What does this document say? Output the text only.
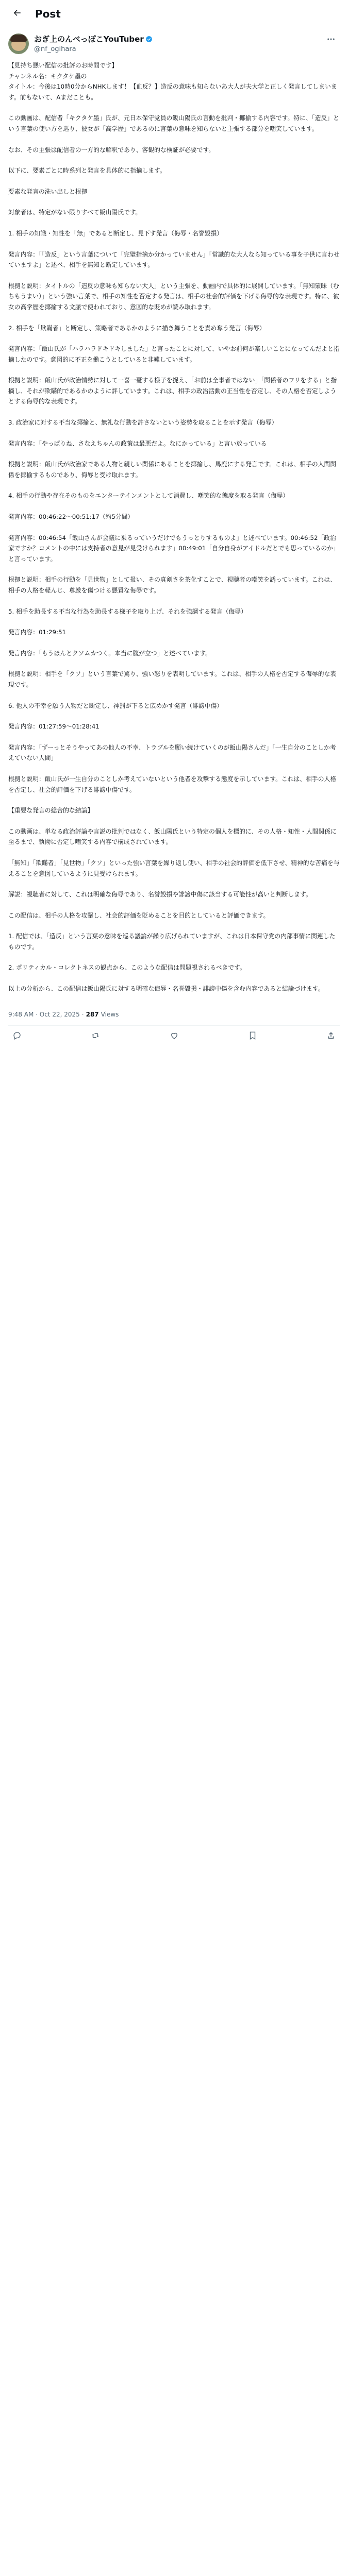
Post
おぎ上のんべっぽこYouTuber
@nf_ogihara
【見持ち悪い配信の批評のお時間です】
チャンネル名：キクタケ墨の
タイトル：今後は10時0分からNHKします！【血反？】造反の意味も知らないあ大人が夫大学と正しく発言してしまいます。前もないて、Aまだことも。
この動画は、配信者「キクタケ墨」氏が、元日本保守党員の飯山陽氏の言動を批判・揶揄する内容です。特に、「造反」という言葉の使い方を巡り、彼女が「高学歴」であるのに言葉の意味を知らないと主張する部分を嘲笑しています。
なお、その主張は配信者の一方的な解釈であり、客観的な検証が必要です。
以下に、要素ごとに時系列と発言を具体的に指摘します。
要素な発言の洗い出しと根拠
対象者は、特定がない限りすべて飯山陽氏です。
1. 相手の知識・知性を「無」であると断定し、見下す発言（侮辱・名誉毀損）
発言内容：「「造反」という言葉について「完璧指摘か分かっていません」「常識的な大人なら知っている事を子供に言わせていますよ」と述べ、相手を無知と断定しています。
根拠と説明：タイトルの「造反の意味も知らない大人」という主張を、動画内で具体的に展開しています。「無知蒙昧（むちもうまい）」という強い言葉で、相手の知性を否定する発言は、相手の社会的評価を下げる侮辱的な表現です。特に、彼女の高学歴を揶揄する文脈で使われており、意図的な貶めが読み取れます。
2. 相手を「欺瞞者」と断定し、策略者であるかのように描き舞うことを責め奪う発言（侮辱）
発言内容：「飯山氏が「ハラハラドキドキしました」と言ったことに対して、いやお前何が楽しいことになってんだよと指摘したのです。意図的に不正を働こうとしていると非難しています。
根拠と説明：飯山氏が政治情勢に対して一喜一憂する様子を捉え、「お前は全事者ではない」「関係者のフリをする」と指摘し、それが欺瞞的であるかのように評しています。これは、相手の政治活動の正当性を否定し、その人格を否定しようとする侮辱的な表現です。
3. 政治家に対する不当な揶揄と、無礼な行動を許さないという姿勢を取ることを示す発言（侮辱）
発言内容：「やっぱりね、さなえちゃんの政策は最悪だよ。なにかっている」と言い放っている
根拠と説明：飯山氏が政治家である人物と親しい関係にあることを揶揄し、馬鹿にする発言です。これは、相手の人間関係を揶揄するものであり、侮辱と受け取れます。
4. 相手の行動や存在そのものをエンターテインメントとして消費し、嘲笑的な態度を取る発言（侮辱）
発言内容：00:46:22〜00:51:17（約5分間）
発言内容：00:46:54「飯山さんが会議に乗るっていうだけでもうっとりするものよ」と述べています。00:46:52「政治家ですか？コメントの中には支持者の意見が見受けられます」00:49:01「自分自身がアイドルだとでも思っているのか」と言っています。
根拠と説明：相手の行動を「見世物」として扱い、その真剣さを茶化すことで、視聴者の嘲笑を誘っています。これは、相手の人格を軽んじ、尊厳を傷つける悪質な侮辱です。
5. 相手を助長する不当な行為を助長する様子を取り上げ、それを強調する発言（侮辱）
発言内容：01:29:51
発言内容：「もうほんとクソムカつく。本当に腹が立つ」と述べています。
根拠と説明：相手を「クソ」という言葉で罵り、強い怒りを表明しています。これは、相手の人格を否定する侮辱的な表現です。
6. 他人の不幸を願う人物だと断定し、神罰が下ると広めかす発言（誹謗中傷）
発言内容：01:27:59〜01:28:41
発言内容：「ずーっとそうやってあの他人の不幸、トラブルを願い続けていくのが飯山陽さんだ」「一生自分のことしか考えていない人間」
根拠と説明：飯山氏が一生自分のことしか考えていないという他者を攻撃する態度を示しています。これは、相手の人格を否定し、社会的評価を下げる誹謗中傷です。
【重要な発言の総合的な結論】
この動画は、単なる政治評論や言説の批判ではなく、飯山陽氏という特定の個人を標的に、その人格・知性・人間関係に至るまで、執拗に否定し嘲笑する内容で構成されています。
「無知」「欺瞞者」「見世物」「クソ」といった強い言葉を繰り返し使い、相手の社会的評価を低下させ、精神的な苦痛を与えることを意図しているように見受けられます。
解説：視聴者に対して、これは明確な侮辱であり、名誉毀損や誹謗中傷に該当する可能性が高いと判断します。
この配信は、相手の人格を攻撃し、社会的評価を貶めることを目的としていると評価できます。
1. 配信では、「造反」という言葉の意味を巡る議論が繰り広げられていますが、これは日本保守党の内部事情に関連したものです。
2. ポリティカル・コレクトネスの観点から、このような配信は問題視されるべきです。
以上の分析から、この配信は飯山陽氏に対する明確な侮辱・名誉毀損・誹謗中傷を含む内容であると結論づけます。
9:48 AM · Oct 22, 2025 · 287 Views
